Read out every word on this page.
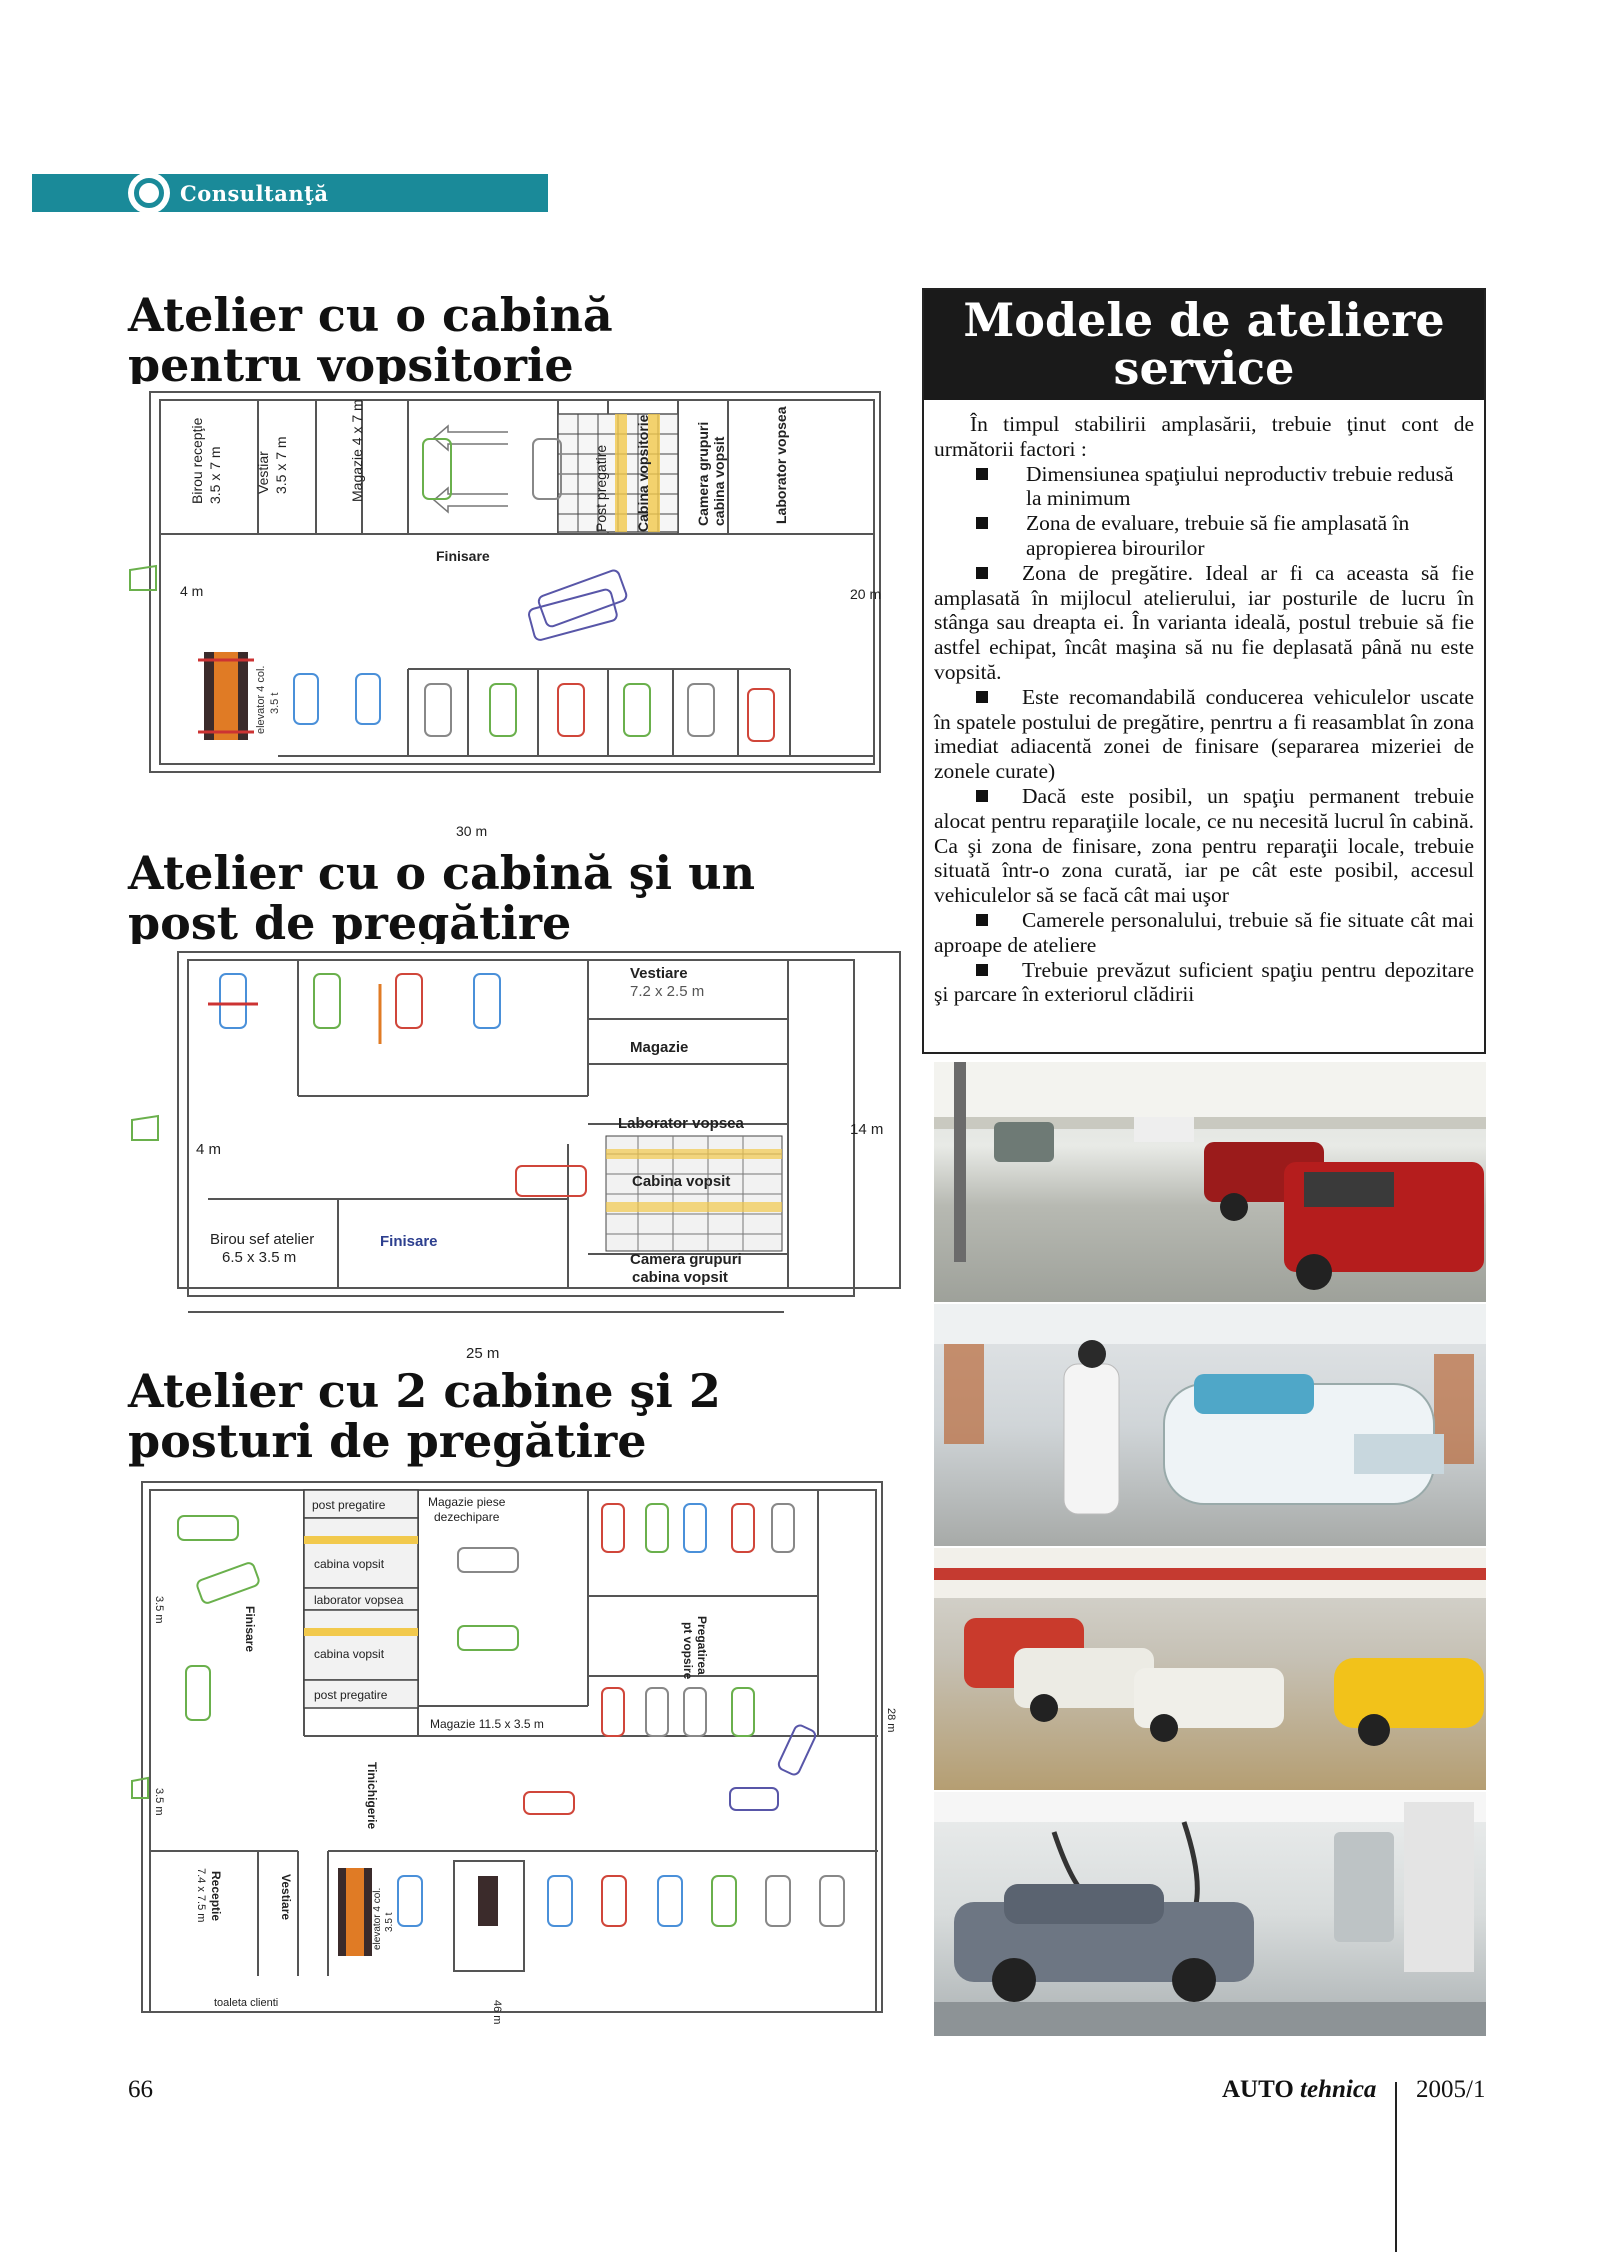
Consultanţă
Atelier cu o cabină
pentru vopsitorie
Birou recepţie 3.5 x 7 m Vestiar 3.5 x 7 m	Magazie 4 x 7 m	Post pregatire Cabina vopsitorie	Camera grupuri cabina vopsit	Laborator vopsea
Finisare
4 m	20 m
30 m
elevator 4 col. 3.5 t
Atelier cu o cabină şi un
post de pregătire
Vestiare
7.2 x 2.5 m
Magazie
Laborator vopsea
Cabina vopsit
Camera grupuri
cabina vopsit
Birou sef atelier
6.5 x 3.5 m
Finisare
4 m
14 m
25 m
Atelier cu 2 cabine şi 2
posturi de pregătire
post pregatire
cabina vopsit
laborator vopsea
cabina vopsit
post pregatire
Magazie piese
dezechipare
Magazie 11.5 x 3.5 m
Finisare	Pregatirea
pt vopsire
Tinichigerie
Receptie
7.4 x 7.5 m	Vestiare
toaleta clienti
3.5 m
3.5 m
28 m
46 m
elevator 4 col. 3.5 t
Modele de ateliere
service

În timpul stabilirii amplasării, trebuie ţinut cont de următorii factori :

Dimensiunea spaţiului neproductiv trebuie redusă la minimum
Zona de evaluare, trebuie să fie amplasată în apropierea birourilor

Zona de pregătire. Ideal ar fi ca aceasta să fie amplasată în mijlocul atelierului, iar posturile de lucru în stânga sau dreapta ei. În varianta ideală, postul trebuie să fie astfel echipat, încât maşina să nu fie deplasată până nu este vopsită.

Este recomandabilă conducerea vehiculelor uscate în spatele postului de pregătire, penrtru a fi reasamblat în zona imediat adiacentă zonei de finisare (separarea mizeriei de zonele curate)

Dacă este posibil, un spaţiu permanent trebuie alocat pentru reparaţiile locale, ce nu necesită lucrul în cabină. Ca şi zona de finisare, zona pentru reparaţii locale, trebuie situată într-o zona curată, iar pe cât este posibil, accesul vehiculelor să se facă cât mai uşor

Camerele personalului, trebuie să fie situate cât mai aproape de ateliere

Trebuie prevăzut suficient spaţiu pentru depozitare şi parcare în exteriorul clădirii

66	AUTO tehnica 2005/1
